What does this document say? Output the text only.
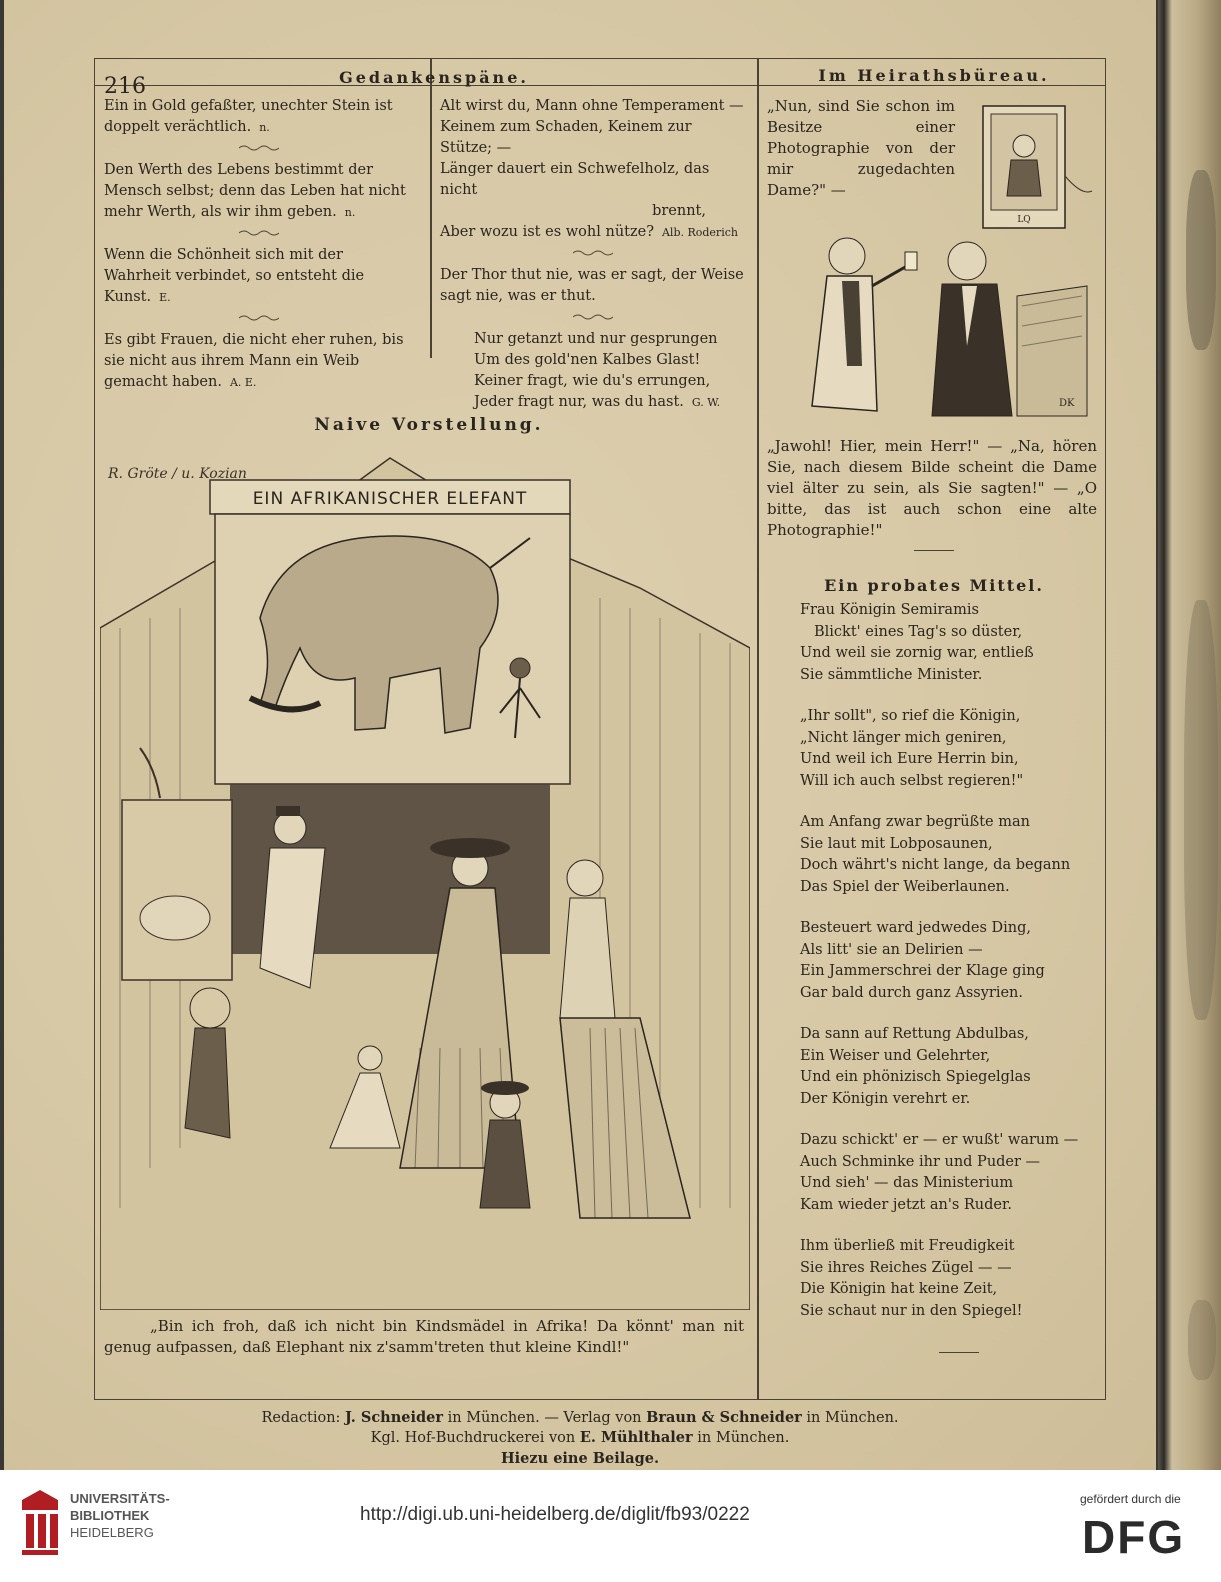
216	Gedankenspäne.	Im Heirathsbüreau.

Ein in Gold gefaßter, unechter Stein ist doppelt verächtlich. n.

Den Werth des Lebens bestimmt der Mensch selbst; denn das Leben hat nicht mehr Werth, als wir ihm geben. n.

Wenn die Schönheit sich mit der Wahrheit verbindet, so entsteht die Kunst. E.

Es gibt Frauen, die nicht eher ruhen, bis sie nicht aus ihrem Mann ein Weib gemacht haben. A. E.

Alt wirst du, Mann ohne Temperament —
Keinem zum Schaden, Keinem zur Stütze; —
Länger dauert ein Schwefelholz, das nicht
brennt,
Aber wozu ist es wohl nütze? Alb. Roderich

Der Thor thut nie, was er sagt, der Weise sagt nie, was er thut.

Nur getanzt und nur gesprungen
Um des gold'nen Kalbes Glast!
Keiner fragt, wie du's errungen,
Jeder fragt nur, was du hast. G. W.
Naive Vorstellung.
EIN AFRIKANISCHER ELEFANT
R. Gröte / u. Kozian
„Bin ich froh, daß ich nicht bin Kindsmädel in Afrika! Da könnt' man nit genug aufpassen, daß Elephant nix z'samm'treten thut kleine Kindl!"
„Nun, sind Sie schon im Besitze einer Photographie von der mir zugedachten Dame?" —
LQ
DK
„Jawohl! Hier, mein Herr!" — „Na, hören Sie, nach diesem Bilde scheint die Dame viel älter zu sein, als Sie sagten!" — „O bitte, das ist auch schon eine alte Photographie!"
Ein probates Mittel.
Frau Königin Semiramis
Blickt' eines Tag's so düster,
Und weil sie zornig war, entließ
Sie sämmtliche Minister.
„Ihr sollt", so rief die Königin,
„Nicht länger mich geniren,
Und weil ich Eure Herrin bin,
Will ich auch selbst regieren!"
Am Anfang zwar begrüßte man
Sie laut mit Lobposaunen,
Doch währt's nicht lange, da begann
Das Spiel der Weiberlaunen.
Besteuert ward jedwedes Ding,
Als litt' sie an Delirien —
Ein Jammerschrei der Klage ging
Gar bald durch ganz Assyrien.
Da sann auf Rettung Abdulbas,
Ein Weiser und Gelehrter,
Und ein phönizisch Spiegelglas
Der Königin verehrt er.
Dazu schickt' er — er wußt' warum —
Auch Schminke ihr und Puder —
Und sieh' — das Ministerium
Kam wieder jetzt an's Ruder.
Ihm überließ mit Freudigkeit
Sie ihres Reiches Zügel — —
Die Königin hat keine Zeit,
Sie schaut nur in den Spiegel!
Redaction: J. Schneider in München. — Verlag von Braun & Schneider in München.
Kgl. Hof-Buchdruckerei von E. Mühlthaler in München.
Hiezu eine Beilage.
UNIVERSITÄTS-
BIBLIOTHEK
HEIDELBERG
http://digi.ub.uni-heidelberg.de/diglit/fb93/0222
gefördert durch die
DFG
